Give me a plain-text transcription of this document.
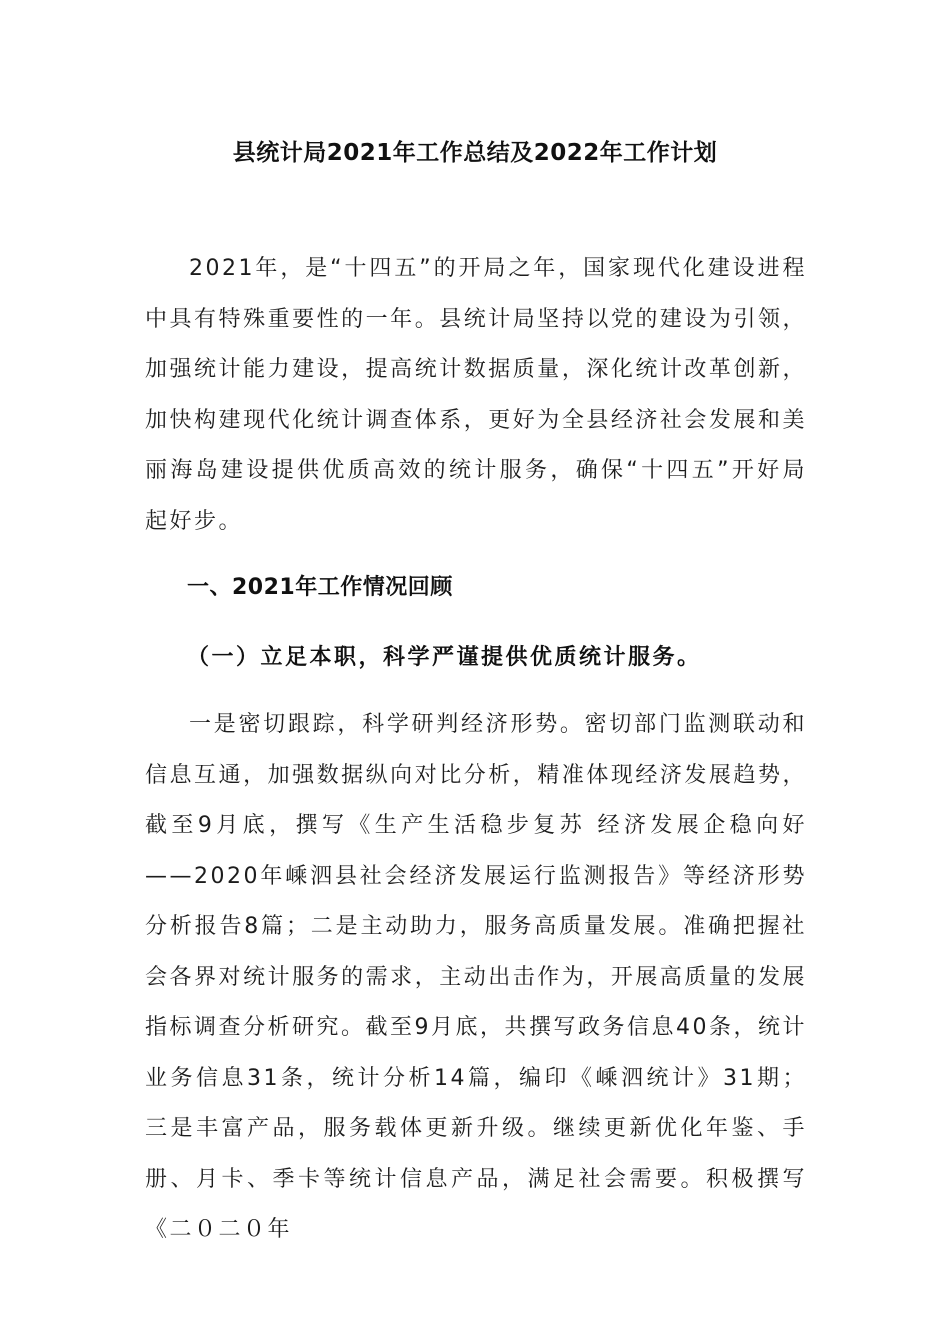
县统计局2021年工作总结及2022年工作计划

2021年，是“十四五”的开局之年，国家现代化建设进程中具有特殊重要性的一年。县统计局坚持以党的建设为引领，加强统计能力建设，提高统计数据质量，深化统计改革创新，加快构建现代化统计调查体系，更好为全县经济社会发展和美丽海岛建设提供优质高效的统计服务，确保“十四五”开好局起好步。

一、2021年工作情况回顾
（一）立足本职，科学严谨提供优质统计服务。

一是密切跟踪，科学研判经济形势。密切部门监测联动和信息互通，加强数据纵向对比分析，精准体现经济发展趋势，截至9月底，撰写《生产生活稳步复苏 经济发展企稳向好——2020年嵊泗县社会经济发展运行监测报告》等经济形势分析报告8篇；二是主动助力，服务高质量发展。准确把握社会各界对统计服务的需求，主动出击作为，开展高质量的发展指标调查分析研究。截至9月底，共撰写政务信息40条，统计业务信息31条，统计分析14篇，编印《嵊泗统计》31期；三是丰富产品，服务载体更新升级。继续更新优化年鉴、手册、月卡、季卡等统计信息产品，满足社会需要。积极撰写《二０二０年
